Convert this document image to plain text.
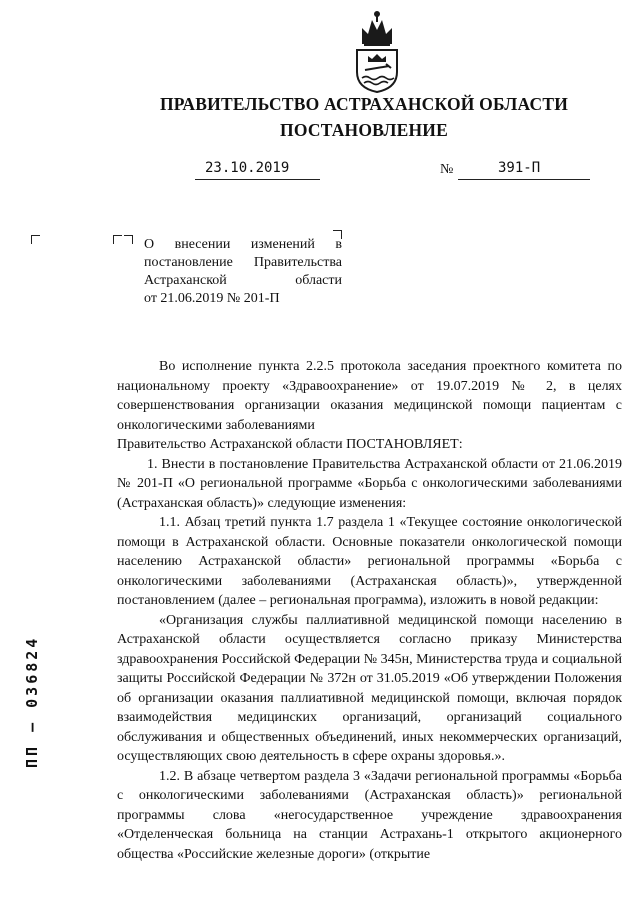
ПРАВИТЕЛЬСТВО АСТРАХАНСКОЙ ОБЛАСТИ
ПОСТАНОВЛЕНИЕ
23.10.2019	№	391-П
О внесении изменений в
постановление Правительства
Астраханской области
от 21.06.2019 № 201-П

Во исполнение пункта 2.2.5 протокола заседания проектного комитета по национальному проекту «Здравоохранение» от 19.07.2019 № 2, в целях совершенствования организации оказания медицинской помощи пациентам с онкологическими заболеваниями

Правительство Астраханской области ПОСТАНОВЛЯЕТ:

1. Внести в постановление Правительства Астраханской области от 21.06.2019 № 201-П «О региональной программе «Борьба с онкологическими заболеваниями (Астраханская область)» следующие изменения:

1.1. Абзац третий пункта 1.7 раздела 1 «Текущее состояние онкологической помощи в Астраханской области. Основные показатели онкологической помощи населению Астраханской области» региональной программы «Борьба с онкологическими заболеваниями (Астраханская область)», утвержденной постановлением (далее – региональная программа), изложить в новой редакции:

«Организация службы паллиативной медицинской помощи населению в Астраханской области осуществляется согласно приказу Министерства здравоохранения Российской Федерации № 345н, Министерства труда и социальной защиты Российской Федерации № 372н от 31.05.2019 «Об утверждении Положения об организации оказания паллиативной медицинской помощи, включая порядок взаимодействия медицинских организаций, организаций социального обслуживания и общественных объединений, иных некоммерческих организаций, осуществляющих свою деятельность в сфере охраны здоровья.».

1.2. В абзаце четвертом раздела 3 «Задачи региональной программы «Борьба с онкологическими заболеваниями (Астраханская область)» региональной программы слова «негосударственное учреждение здравоохранения «Отделенческая больница на станции Астрахань-1 открытого акционерного общества «Российские железные дороги» (открытие

ПП – 036824
